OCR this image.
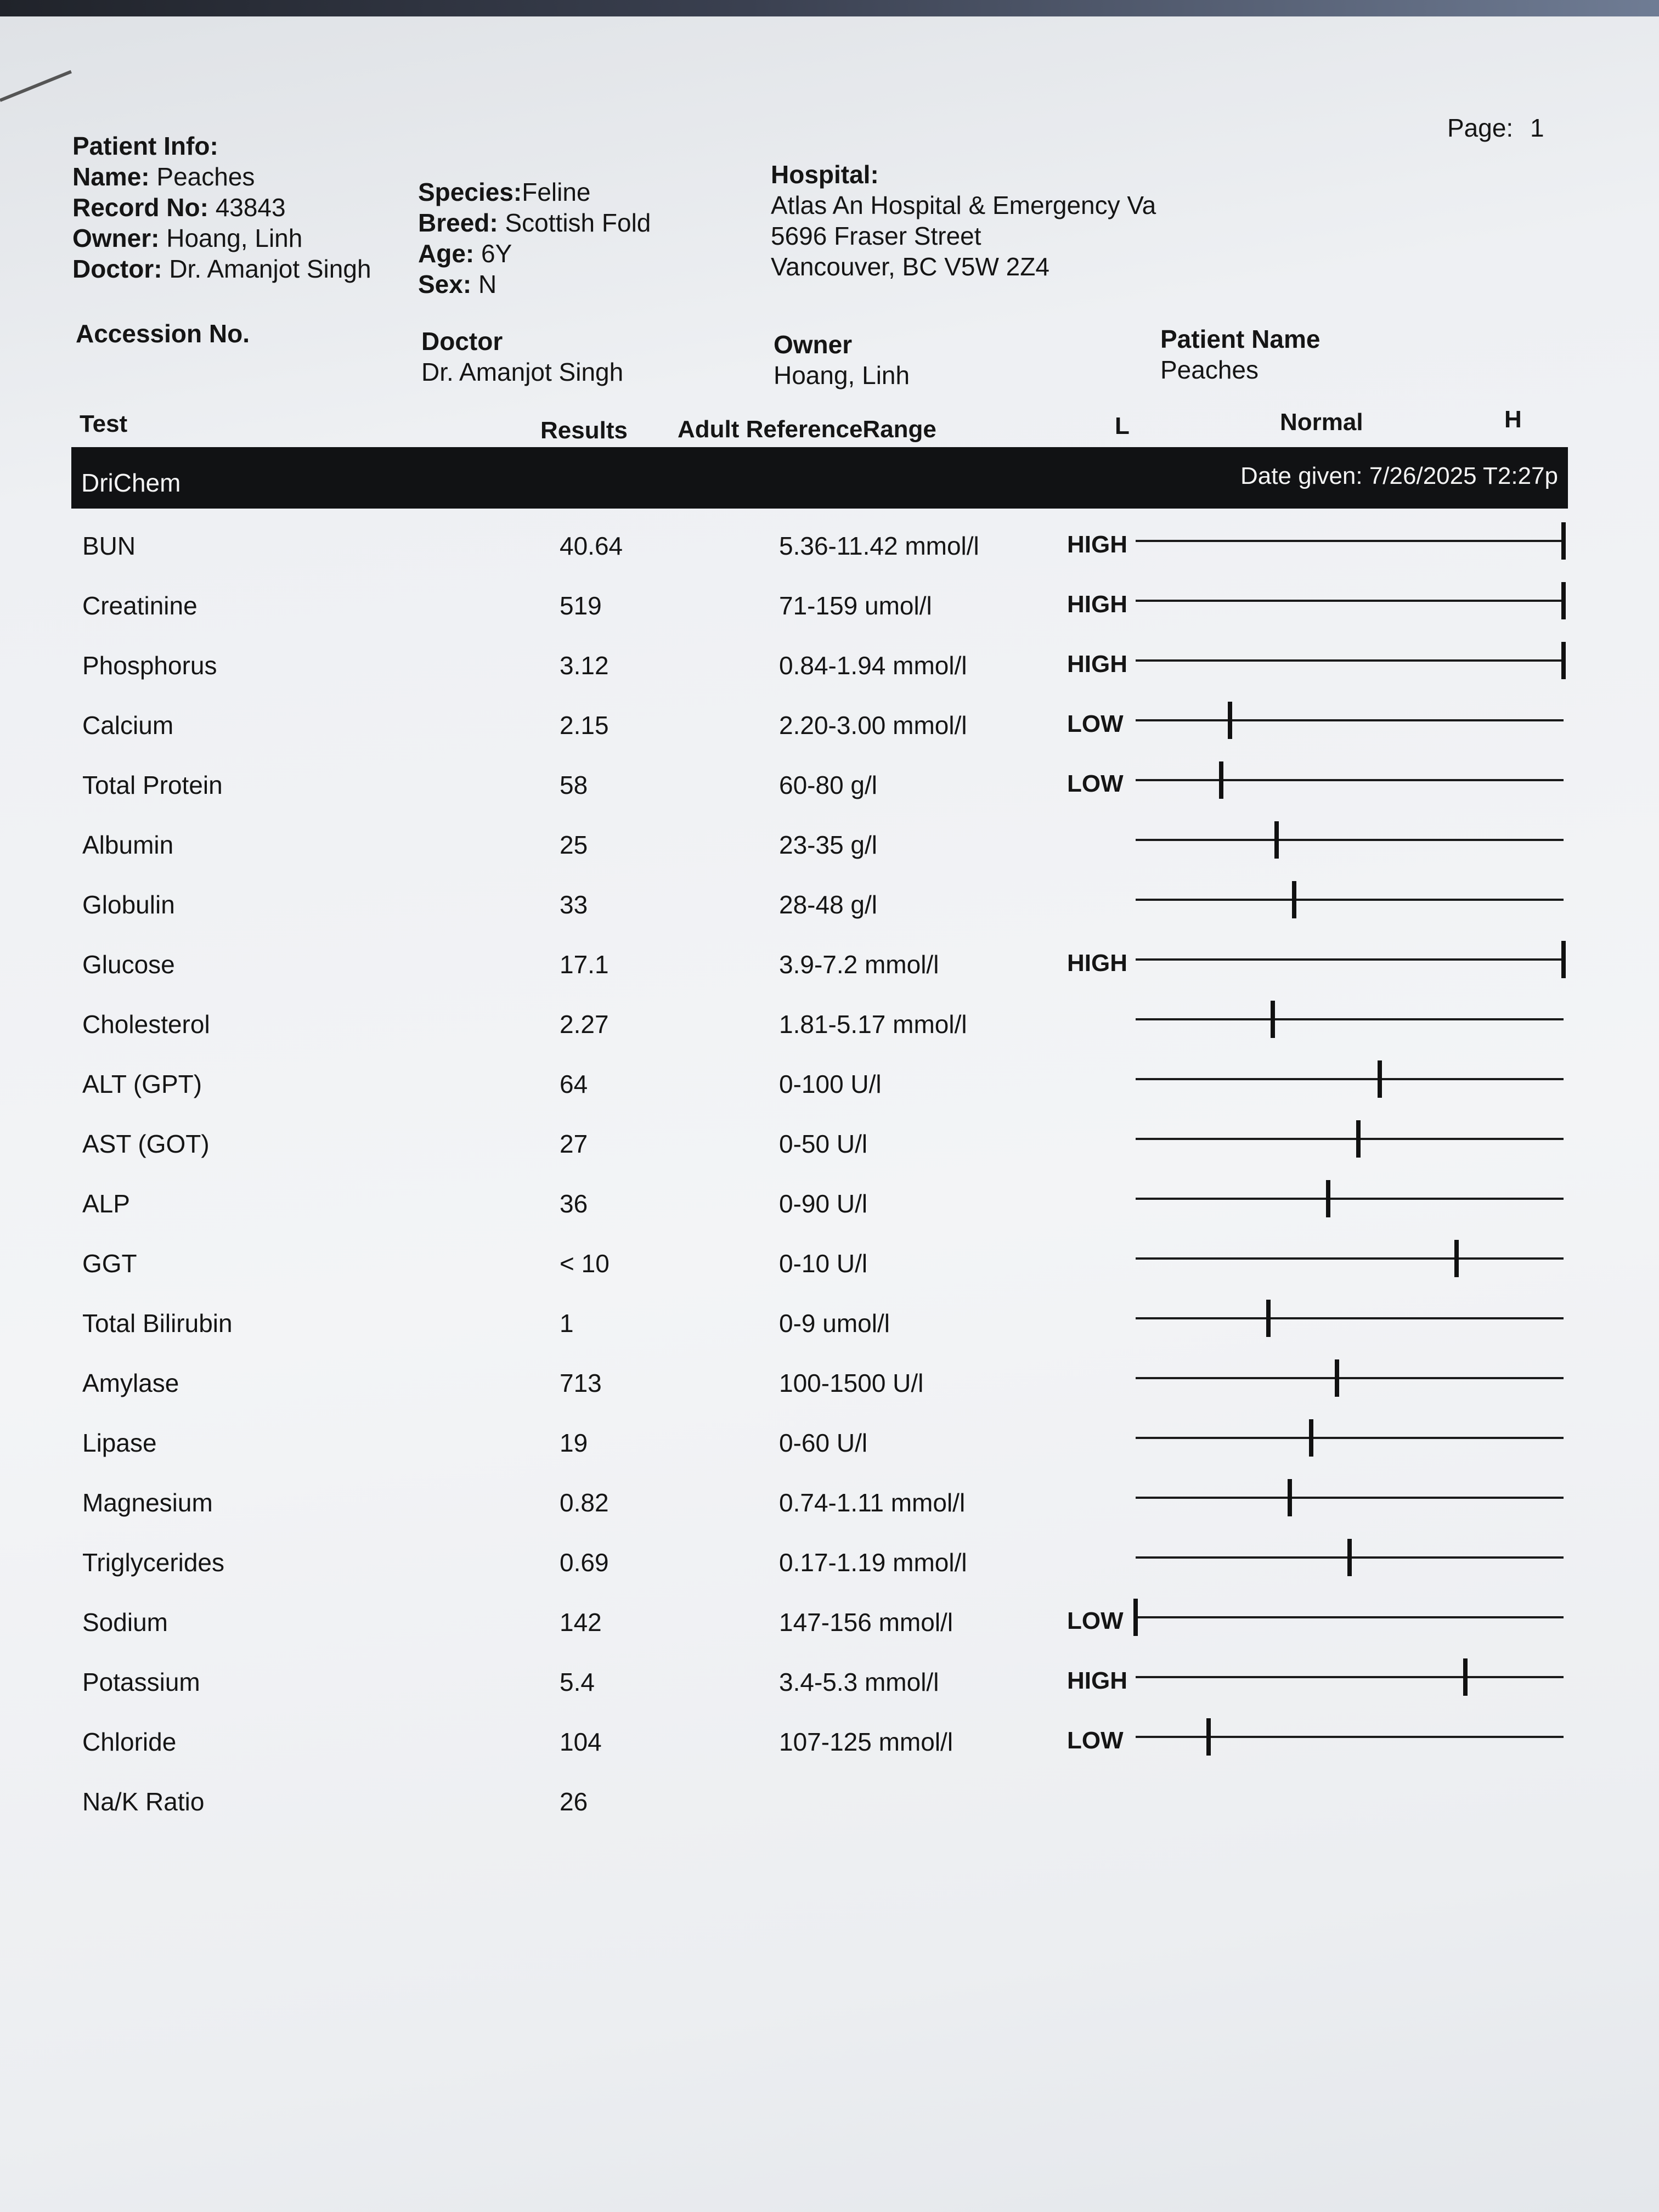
Page: 1
Patient Info:
Name: Peaches
Record No: 43843
Owner: Hoang, Linh
Doctor: Dr. Amanjot Singh
Species:Feline
Breed: Scottish Fold
Age: 6Y
Sex: N
Hospital:
Atlas An Hospital & Emergency Va
5696 Fraser Street
Vancouver, BC V5W 2Z4
Accession No.	Doctor
Dr. Amanjot Singh
Owner
Hoang, Linh
Patient Name
Peaches
Test	Results Adult ReferenceRange	L	Normal	H
DriChem	Date given: 7/26/2025 T2:27p
BUN	40.64	5.36-11.42 mmol/l	HIGH
Creatinine	519	71-159 umol/l	HIGH
Phosphorus	3.12	0.84-1.94 mmol/l	HIGH
Calcium	2.15	2.20-3.00 mmol/l	LOW
Total Protein	58	60-80 g/l	LOW
Albumin	25	23-35 g/l
Globulin	33	28-48 g/l
Glucose	17.1	3.9-7.2 mmol/l	HIGH
Cholesterol	2.27	1.81-5.17 mmol/l
ALT (GPT)	64	0-100 U/l
AST (GOT)	27	0-50 U/l
ALP	36	0-90 U/l
GGT	< 10	0-10 U/l
Total Bilirubin	1	0-9 umol/l
Amylase	713	100-1500 U/l
Lipase	19	0-60 U/l
Magnesium	0.82	0.74-1.11 mmol/l
Triglycerides	0.69	0.17-1.19 mmol/l
Sodium	142	147-156 mmol/l	LOW
Potassium	5.4	3.4-5.3 mmol/l	HIGH
Chloride	104	107-125 mmol/l	LOW
Na/K Ratio	26
